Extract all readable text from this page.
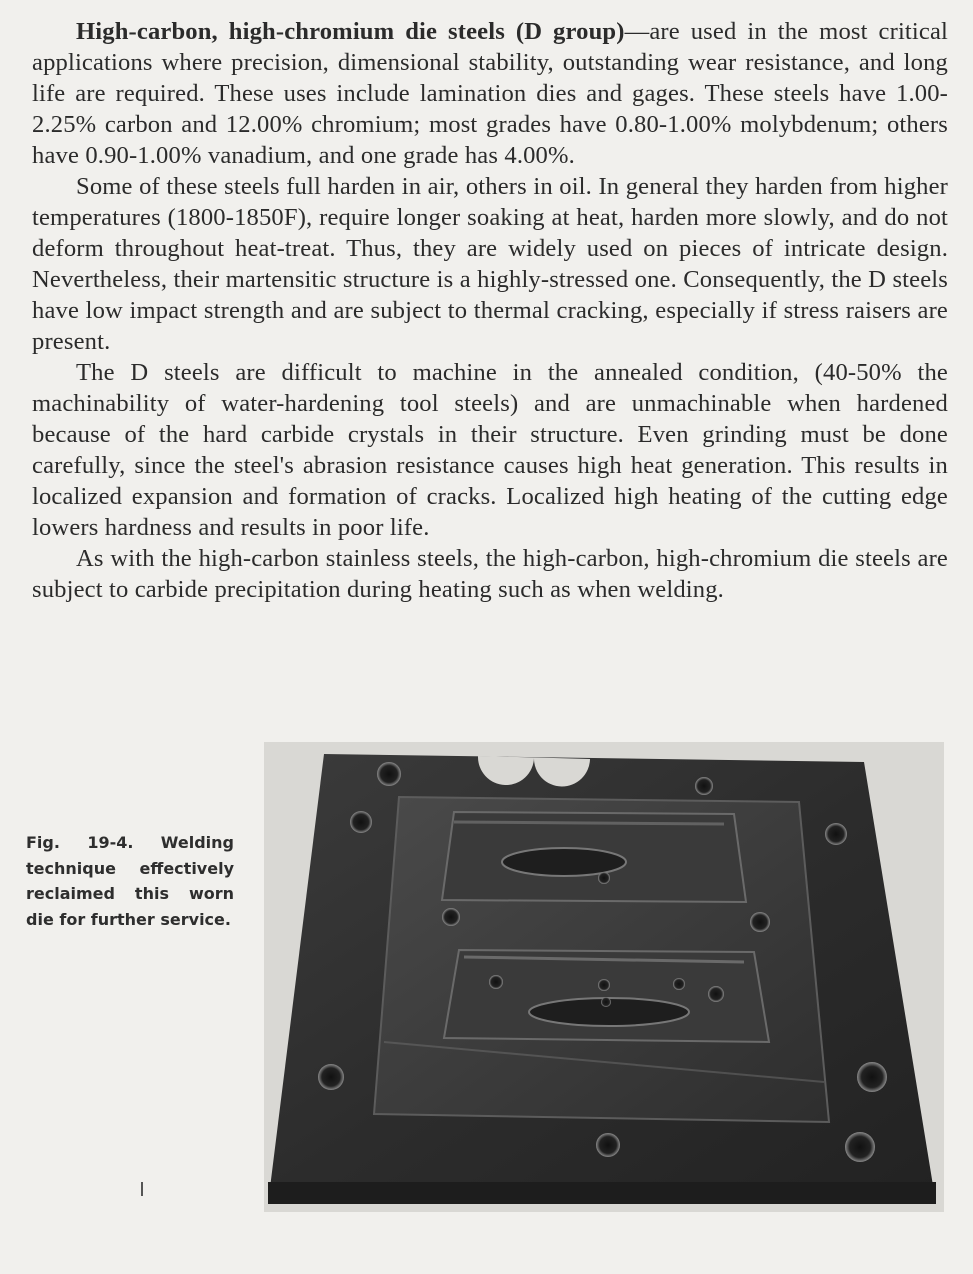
High-carbon, high-chromium die steels (D group)—are used in the most critical applications where precision, dimensional stability, outstanding wear resistance, and long life are required. These uses include lamination dies and gages. These steels have 1.00-2.25% carbon and 12.00% chromium; most grades have 0.80-1.00% molybdenum; others have 0.90-1.00% vanadium, and one grade has 4.00%.

Some of these steels full harden in air, others in oil. In general they harden from higher temperatures (1800-1850F), require longer soaking at heat, harden more slowly, and do not deform throughout heat-treat. Thus, they are widely used on pieces of intricate design. Nevertheless, their martensitic structure is a highly-stressed one. Consequently, the D steels have low impact strength and are subject to thermal cracking, especially if stress raisers are present.

The D steels are difficult to machine in the annealed condition, (40-50% the machinability of water-hardening tool steels) and are unmachinable when hardened because of the hard carbide crystals in their structure. Even grinding must be done carefully, since the steel's abrasion resistance causes high heat generation. This results in localized expansion and formation of cracks. Localized high heating of the cutting edge lowers hardness and results in poor life.

As with the high-carbon stainless steels, the high-carbon, high-chromium die steels are subject to carbide precipitation during heating such as when welding.

Fig. 19-4. Welding technique effectively reclaimed this worn die for further service.
